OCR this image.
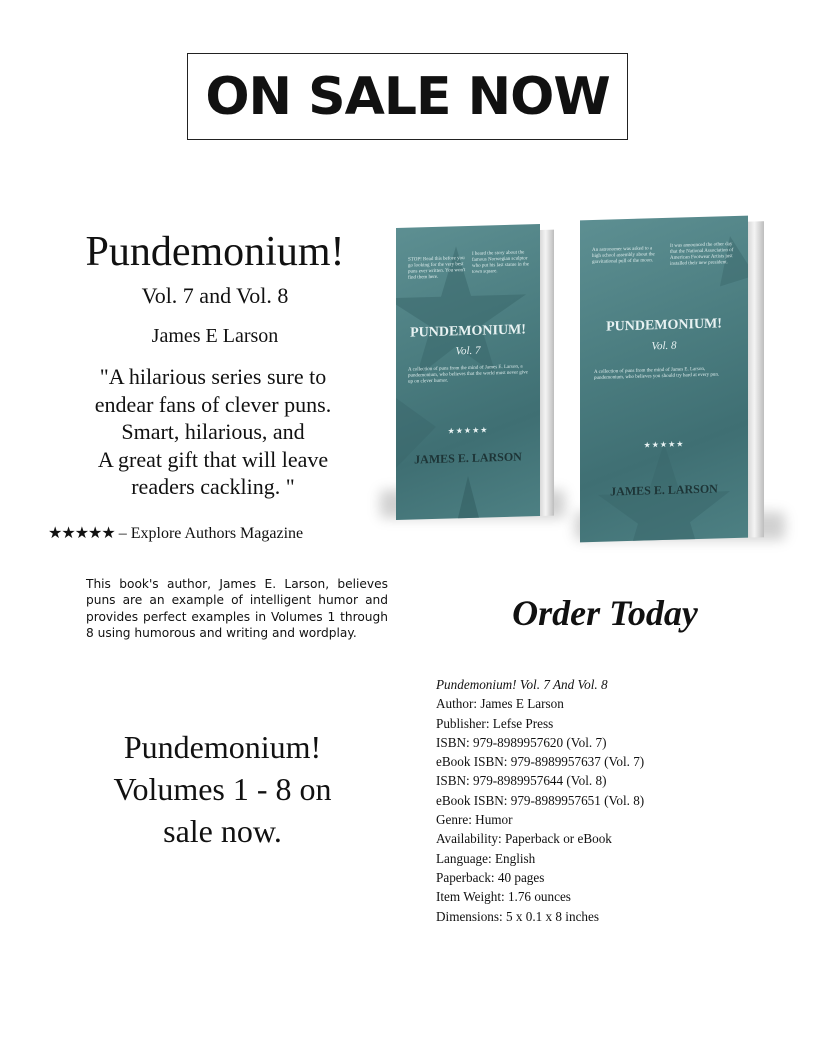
ON SALE NOW
Pundemonium!
Vol. 7 and Vol. 8
James E Larson
"A hilarious series sure to
endear fans of clever puns.
Smart, hilarious, and
A great gift that will leave
readers cackling. "
★★★★★ – Explore Authors Magazine
This book's author, James E. Larson, believes puns are an example of intelligent humor and provides perfect examples in Volumes 1 through 8 using humorous and writing and wordplay.
Pundemonium!
Volumes 1 - 8 on
sale now.
STOP! Read this before you go looking for the very best puns ever written. You won't find them here.
I heard the story about the famous Norwegian sculptor who put his last statue in the town square.
PUNDEMONIUM!
Vol. 7
A collection of puns from the mind of James E. Larson, a pundemonium, who believes that the world must never give up on clever humor.
★★★★★
JAMES E. LARSON
An astronomer was asked to a high school assembly about the gravitational pull of the moon.
It was announced the other day that the National Association of American Footwear Artists just installed their new president.
PUNDEMONIUM!
Vol. 8
A collection of puns from the mind of James E. Larson, pundemonium, who believes you should try hard at every pun.
★★★★★
JAMES E. LARSON
Order Today
Pundemonium! Vol. 7 And Vol. 8
Author: James E Larson
Publisher: Lefse Press
ISBN: 979-8989957620 (Vol. 7)
eBook ISBN: 979-8989957637 (Vol. 7)
ISBN: 979-8989957644 (Vol. 8)
eBook ISBN: 979-8989957651 (Vol. 8)
Genre: Humor
Availability: Paperback or eBook
Language: English
Paperback: 40 pages
Item Weight: 1.76 ounces
Dimensions: 5 x 0.1 x 8 inches
